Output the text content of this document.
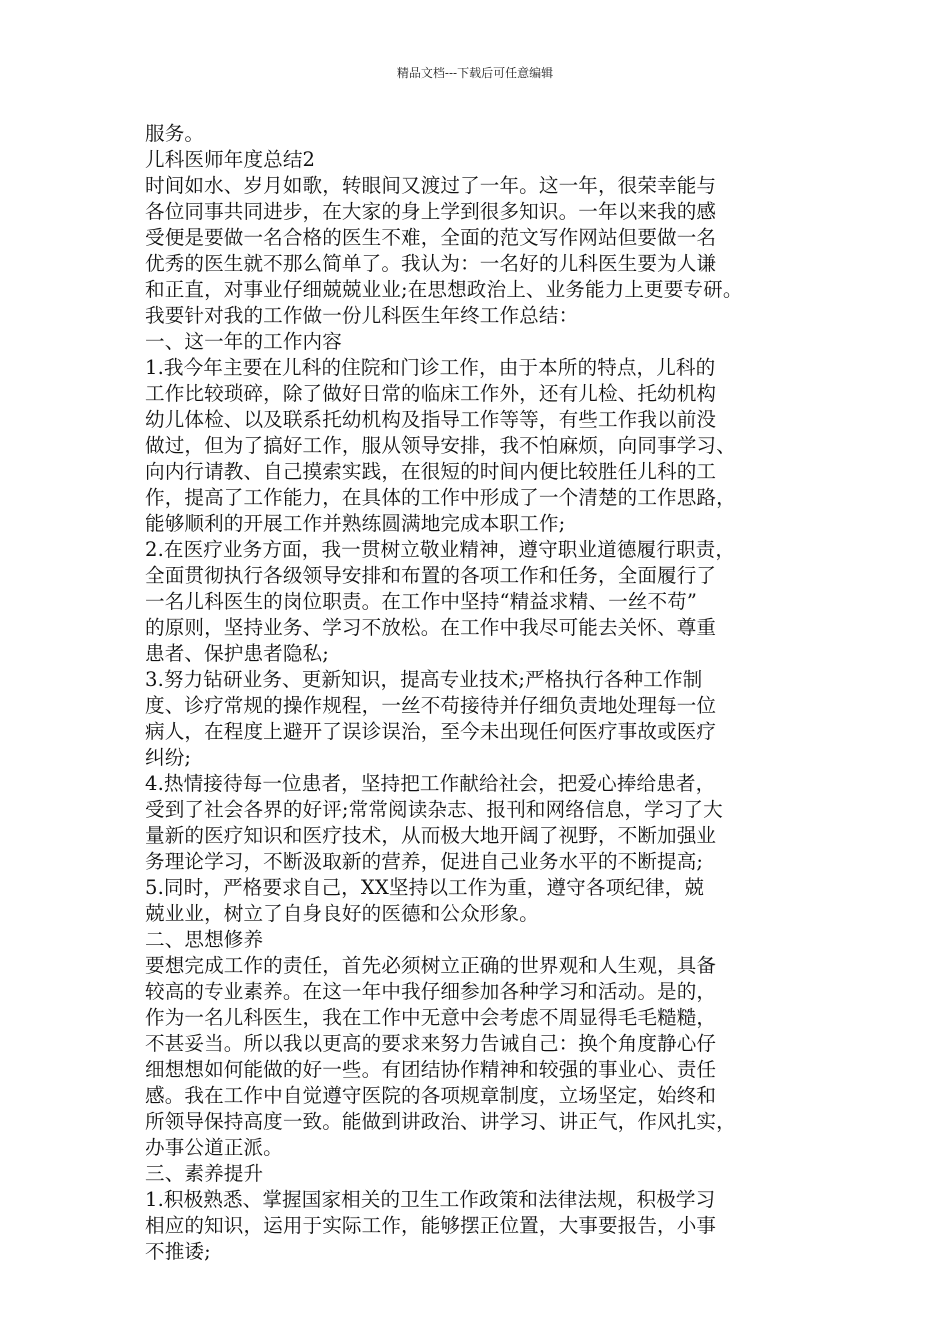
精品文档---下载后可任意编辑
服务。
儿科医师年度总结2
时间如水、岁月如歌，转眼间又渡过了一年。这一年，很荣幸能与
各位同事共同进步，在大家的身上学到很多知识。一年以来我的感
受便是要做一名合格的医生不难，全面的范文写作网站但要做一名
优秀的医生就不那么简单了。我认为：一名好的儿科医生要为人谦
和正直，对事业仔细兢兢业业;在思想政治上、业务能力上更要专研。
我要针对我的工作做一份儿科医生年终工作总结：
一、这一年的工作内容
1.我今年主要在儿科的住院和门诊工作，由于本所的特点，儿科的
工作比较琐碎，除了做好日常的临床工作外，还有儿检、托幼机构
幼儿体检、以及联系托幼机构及指导工作等等，有些工作我以前没
做过，但为了搞好工作，服从领导安排，我不怕麻烦，向同事学习、
向内行请教、自己摸索实践，在很短的时间内便比较胜任儿科的工
作，提高了工作能力，在具体的工作中形成了一个清楚的工作思路，
能够顺利的开展工作并熟练圆满地完成本职工作;
2.在医疗业务方面，我一贯树立敬业精神，遵守职业道德履行职责，
全面贯彻执行各级领导安排和布置的各项工作和任务，全面履行了
一名儿科医生的岗位职责。在工作中坚持“精益求精、一丝不苟”
的原则，坚持业务、学习不放松。在工作中我尽可能去关怀、尊重
患者、保护患者隐私;
3.努力钻研业务、更新知识，提高专业技术;严格执行各种工作制
度、诊疗常规的操作规程，一丝不苟接待并仔细负责地处理每一位
病人，在程度上避开了误诊误治，至今未出现任何医疗事故或医疗
纠纷;
4.热情接待每一位患者，坚持把工作献给社会，把爱心捧给患者，
受到了社会各界的好评;常常阅读杂志、报刊和网络信息，学习了大
量新的医疗知识和医疗技术，从而极大地开阔了视野，不断加强业
务理论学习，不断汲取新的营养，促进自己业务水平的不断提高;
5.同时，严格要求自己，XX坚持以工作为重，遵守各项纪律，兢
兢业业，树立了自身良好的医德和公众形象。
二、思想修养
要想完成工作的责任，首先必须树立正确的世界观和人生观，具备
较高的专业素养。在这一年中我仔细参加各种学习和活动。是的，
作为一名儿科医生，我在工作中无意中会考虑不周显得毛毛糙糙，
不甚妥当。所以我以更高的要求来努力告诫自己：换个角度静心仔
细想想如何能做的好一些。有团结协作精神和较强的事业心、责任
感。我在工作中自觉遵守医院的各项规章制度，立场坚定，始终和
所领导保持高度一致。能做到讲政治、讲学习、讲正气，作风扎实，
办事公道正派。
三、素养提升
1.积极熟悉、掌握国家相关的卫生工作政策和法律法规，积极学习
相应的知识，运用于实际工作，能够摆正位置，大事要报告，小事
不推诿;
